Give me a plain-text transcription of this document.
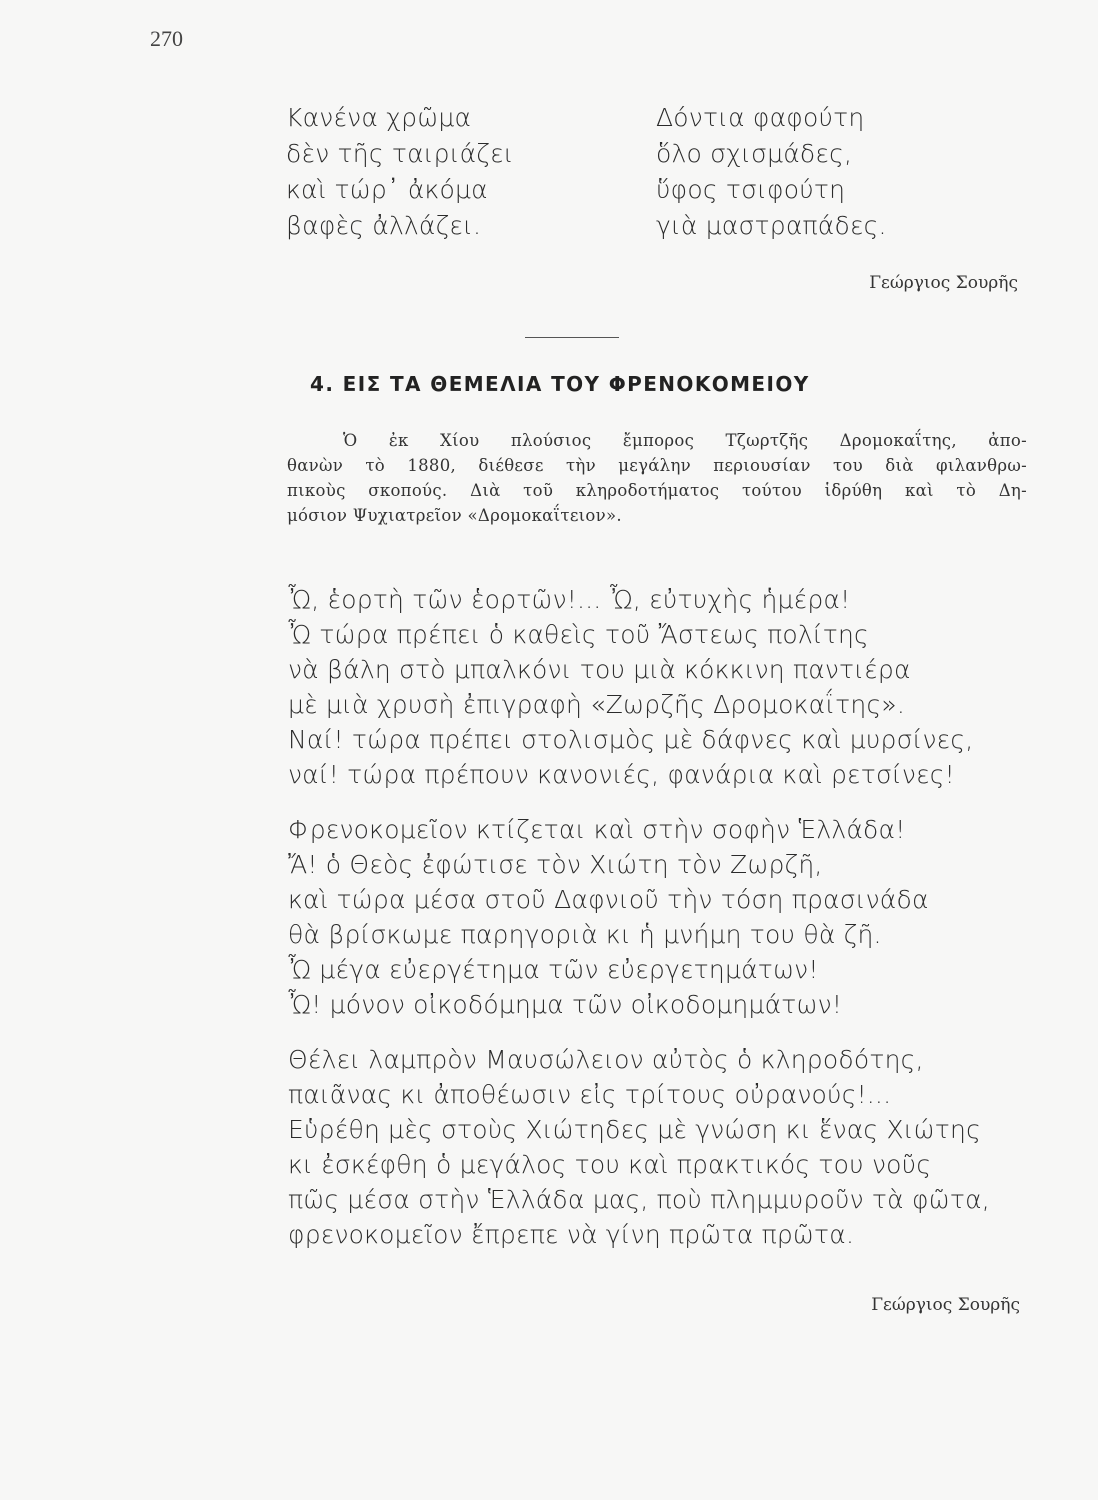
270
Κανένα χρῶμα
δὲν τῆς ταιριάζει
καὶ τώρ᾽ ἀκόμα
βαφὲς ἀλλάζει.
Δόντια φαφούτη
ὅλο σχισμάδες,
ὕφος τσιφούτη
γιὰ μαστραπάδες.
Γεώργιος Σουρῆς
4. ΕΙΣ ΤΑ ΘΕΜΕΛΙΑ ΤΟΥ ΦΡΕΝΟΚΟΜΕΙΟΥ
Ὁ ἐκ Χίου πλούσιος ἔμπορος Τζωρτζῆς Δρομοκαΐτης, ἀπο-
θανὼν τὸ 1880, διέθεσε τὴν μεγάλην περιουσίαν του διὰ φιλανθρω-
πικοὺς σκοπούς. Διὰ τοῦ κληροδοτήματος τούτου ἱδρύθη καὶ τὸ Δη-
μόσιον Ψυχιατρεῖον «Δρομοκαΐτειον».
Ὦ, ἑορτὴ τῶν ἑορτῶν!... Ὦ, εὐτυχὴς ἡμέρα!
Ὦ τώρα πρέπει ὁ καθεὶς τοῦ Ἄστεως πολίτης
νὰ βάλη στὸ μπαλκόνι του μιὰ κόκκινη παντιέρα
μὲ μιὰ χρυσὴ ἐπιγραφὴ «Ζωρζῆς Δρομοκαΐτης».
Ναί! τώρα πρέπει στολισμὸς μὲ δάφνες καὶ μυρσίνες,
ναί! τώρα πρέπουν κανονιές, φανάρια καὶ ρετσίνες!
Φρενοκομεῖον κτίζεται καὶ στὴν σοφὴν Ἑλλάδα!
Ἄ! ὁ Θεὸς ἐφώτισε τὸν Χιώτη τὸν Ζωρζῆ,
καὶ τώρα μέσα στοῦ Δαφνιοῦ τὴν τόση πρασινάδα
θὰ βρίσκωμε παρηγοριὰ κι ἡ μνήμη του θὰ ζῆ.
Ὦ μέγα εὐεργέτημα τῶν εὐεργετημάτων!
Ὦ! μόνον οἰκοδόμημα τῶν οἰκοδομημάτων!
Θέλει λαμπρὸν Μαυσώλειον αὐτὸς ὁ κληροδότης,
παιᾶνας κι ἀποθέωσιν εἰς τρίτους οὐρανούς!...
Εὑρέθη μὲς στοὺς Χιώτηδες μὲ γνώση κι ἕνας Χιώτης
κι ἐσκέφθη ὁ μεγάλος του καὶ πρακτικός του νοῦς
πῶς μέσα στὴν Ἑλλάδα μας, ποὺ πλημμυροῦν τὰ φῶτα,
φρενοκομεῖον ἔπρεπε νὰ γίνη πρῶτα πρῶτα.
Γεώργιος Σουρῆς
